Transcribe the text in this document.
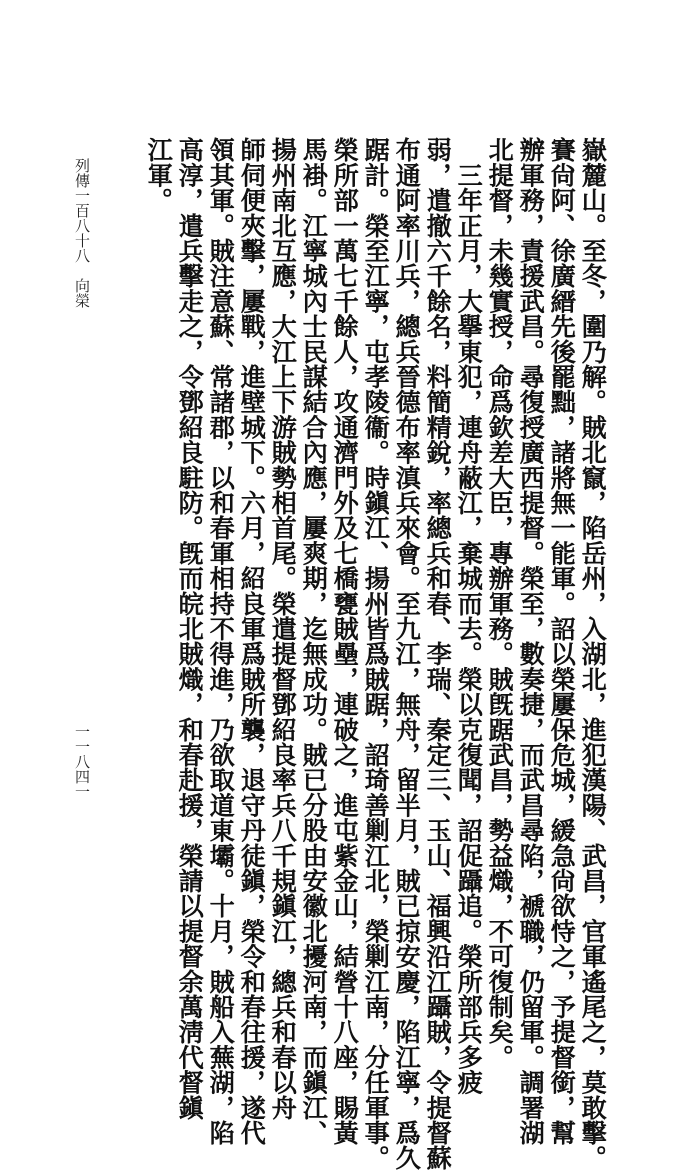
列傳一百八十八　向榮
一一八四一	嶽麓山。至冬，圍乃解。賊北竄，陷岳州，入湖北，進犯漢陽、武昌，官軍遙尾之，莫敢擊。
賽尙阿、徐廣縉先後罷黜，諸將無一能軍。詔以榮屢保危城，緩急尙欲恃之，予提督銜，幫
辦軍務，責援武昌。尋復授廣西提督。榮至，數奏捷，而武昌尋陷，褫職，仍留軍。調署湖
北提督，未幾實授，命爲欽差大臣，專辦軍務。賊旣踞武昌，勢益熾，不可復制矣。
　三年正月，大擧東犯，連舟蔽江，棄城而去。榮以克復聞，詔促躡追。榮所部兵多疲
弱，遣撤六千餘名，料簡精銳，率總兵和春、李瑞、秦定三、玉山、福興沿江躡賊，令提督蘇
布通阿率川兵，總兵晉德布率滇兵來會。至九江，無舟，留半月，賊已掠安慶，陷江寧，爲久
踞計。榮至江寧，屯孝陵衞。時鎭江、揚州皆爲賊踞，詔琦善剿江北，榮剿江南，分任軍事。
榮所部一萬七千餘人，攻通濟門外及七橋甕賊壘，連破之，進屯紫金山，結營十八座，賜黃
馬褂。江寧城內士民謀結合內應，屢爽期，迄無成功。賊已分股由安徽北擾河南，而鎭江、
揚州南北互應，大江上下游賊勢相首尾。榮遣提督鄧紹良率兵八千規鎭江，總兵和春以舟
師伺便夾擊，屢戰，進壁城下。六月，紹良軍爲賊所襲，退守丹徒鎭，榮令和春往援，遂代
領其軍。賊注意蘇、常諸郡，以和春軍相持不得進，乃欲取道東壩。十月，賊船入蕪湖，陷
高淳，遣兵擊走之，令鄧紹良駐防。旣而皖北賊熾，和春赴援，榮請以提督余萬淸代督鎭
江軍。
